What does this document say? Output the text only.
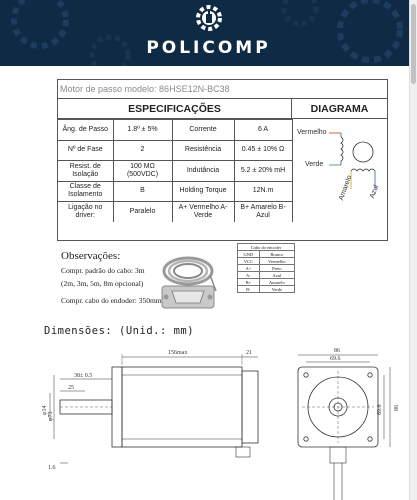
POLICOMP
Motor de passo modelo: 86HSE12N-BC38
ESPECIFICAÇÕES	DIAGRAMA
Âng. de Passo	1.8º ± 5%	Corrente	6 A
Nº de Fase	2	Resistência	0.45 ± 10% Ω
Resist. de Isolação	100 MΩ (500VDC)	Indutância	5.2 ± 20% mH
Classe de Isolamento	B	Holding Torque	12N.m
Ligação no driver:	Paralelo	A+ Vermelho A- Verde	B+ Amarelo B- Azul
Vermelho
Verde
Amarelo Azul
Observações:
Compr. padrão do cabo: 3m
(2m, 3m, 5m, 8m opcional)
Compr. cabo do endoder: 350mm
Cabo do encoder	
GND	Branco
VCC	Vermelho
A+	Preto
A-	Azul
B+	Amarelo
B-	Verde
Dimensões: (Unid.: mm)
156max	21
38± 0.5
25
1.6
φ14
φ73
86
69.6
86
69.6
